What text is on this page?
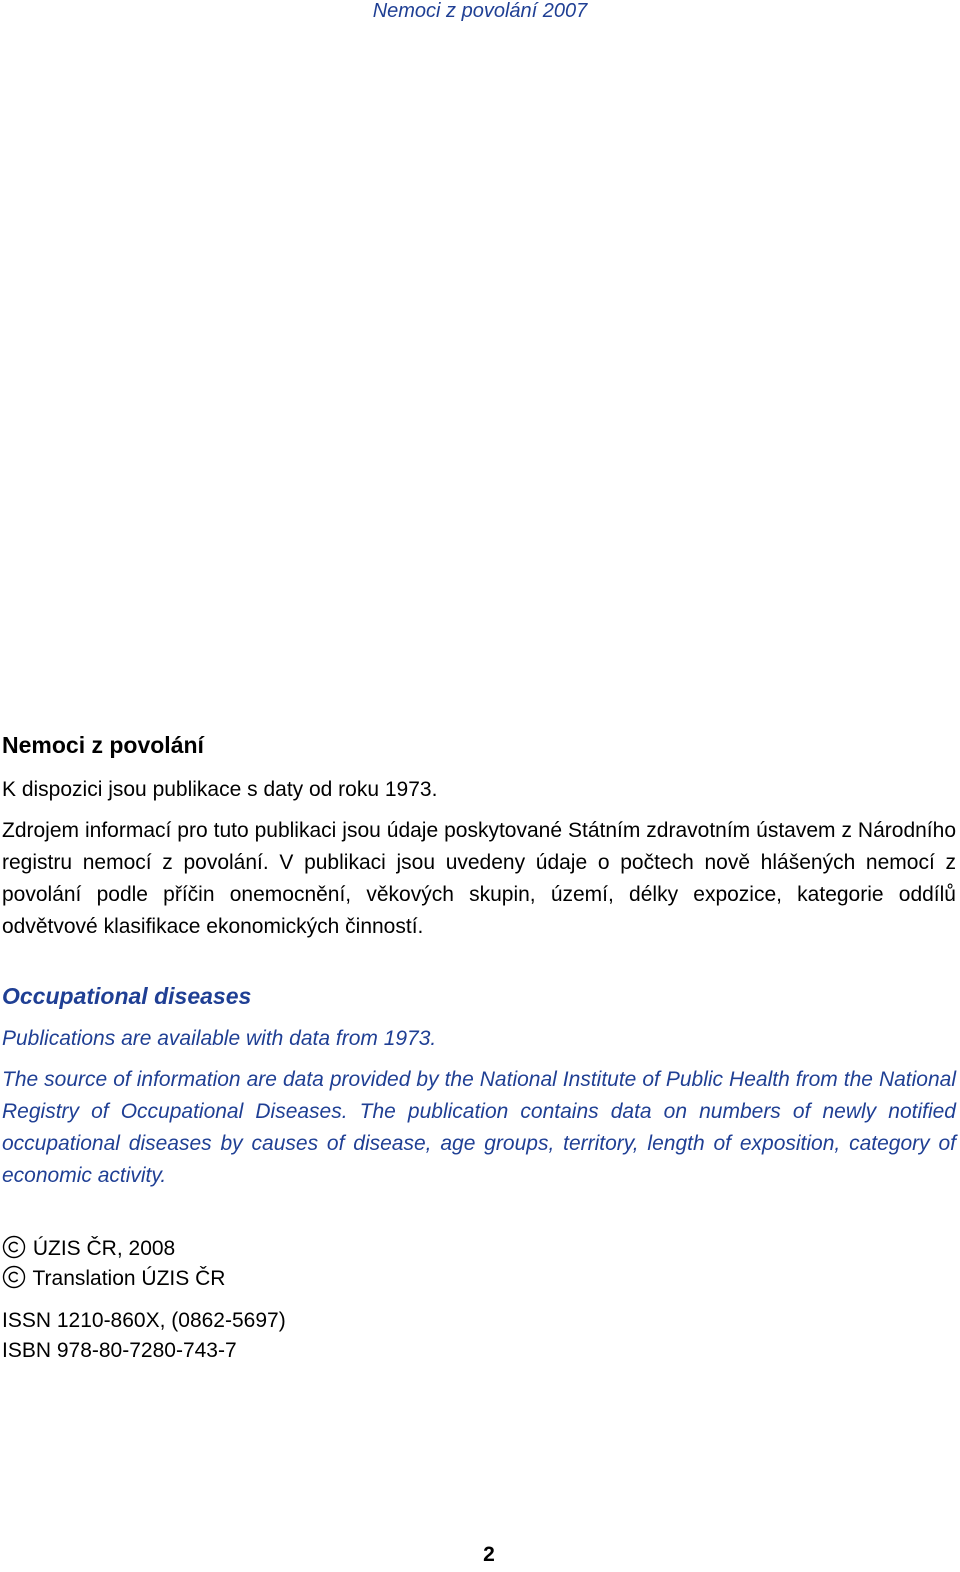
Nemoci z povolání 2007
Nemoci z povolání

K dispozici jsou publikace s daty od roku 1973.

Zdrojem informací pro tuto publikaci jsou údaje poskytované Státním zdravotním ústavem z Národního registru nemocí z povolání. V publikaci jsou uvedeny údaje o počtech nově hlášených nemocí z povolání podle příčin onemocnění, věkových skupin, území, délky expozice, kategorie oddílů odvětvové klasifikace ekonomických činností.

Occupational diseases

Publications are available with data from 1973.

The source of information are data provided by the National Institute of Public Health from the National Registry of Occupational Diseases. The publication contains data on numbers of newly notified occupational diseases by causes of disease, age groups, territory, length of exposition, category of economic activity.

ÚZIS ČR, 2008
Translation ÚZIS ČR
ISSN 1210-860X, (0862-5697)
ISBN 978-80-7280-743-7
2
